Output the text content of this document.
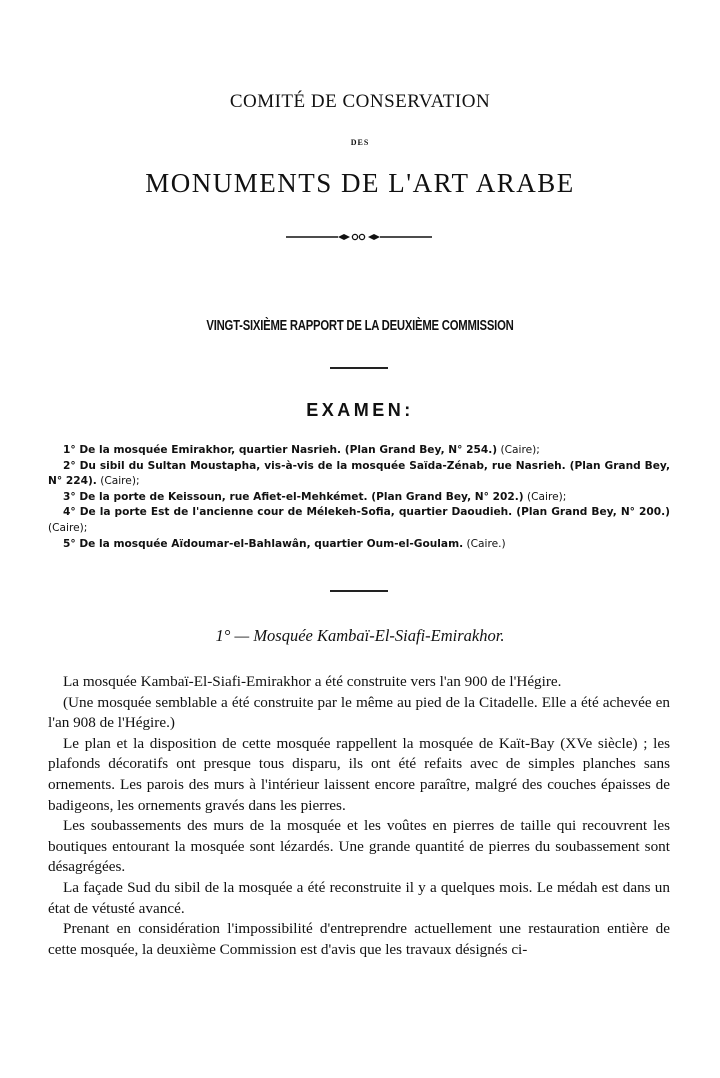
COMITÉ DE CONSERVATION
DES
MONUMENTS DE L'ART ARABE
VINGT-SIXIÈME RAPPORT DE LA DEUXIÈME COMMISSION
EXAMEN:

1° De la mosquée Emirakhor, quartier Nasrieh. (Plan Grand Bey, N° 254.) (Caire);

2° Du sibil du Sultan Moustapha, vis-à-vis de la mosquée Saïda-Zénab, rue Nasrieh. (Plan Grand Bey, N° 224). (Caire);

3° De la porte de Keissoun, rue Afiet-el-Mehkémet. (Plan Grand Bey, N° 202.) (Caire);

4° De la porte Est de l'ancienne cour de Mélekeh-Sofia, quartier Daoudieh. (Plan Grand Bey, N° 200.) (Caire);

5° De la mosquée Aïdoumar-el-Bahlawân, quartier Oum-el-Goulam. (Caire.)

1° — Mosquée Kambaï-El-Siafi-Emirakhor.

La mosquée Kambaï-El-Siafi-Emirakhor a été construite vers l'an 900 de l'Hégire.

(Une mosquée semblable a été construite par le même au pied de la Citadelle. Elle a été achevée en l'an 908 de l'Hégire.)

Le plan et la disposition de cette mosquée rappellent la mosquée de Kaït-Bay (XVe siècle) ; les plafonds décoratifs ont presque tous disparu, ils ont été refaits avec de simples planches sans ornements. Les parois des murs à l'intérieur laissent encore paraître, malgré des couches épaisses de badigeons, les ornements gravés dans les pierres.

Les soubassements des murs de la mosquée et les voûtes en pierres de taille qui recouvrent les boutiques entourant la mosquée sont lézardés. Une grande quantité de pierres du soubassement sont désagrégées.

La façade Sud du sibil de la mosquée a été reconstruite il y a quelques mois. Le médah est dans un état de vétusté avancé.

Prenant en considération l'impossibilité d'entreprendre actuellement une restauration entière de cette mosquée, la deuxième Commission est d'avis que les travaux désignés ci-
